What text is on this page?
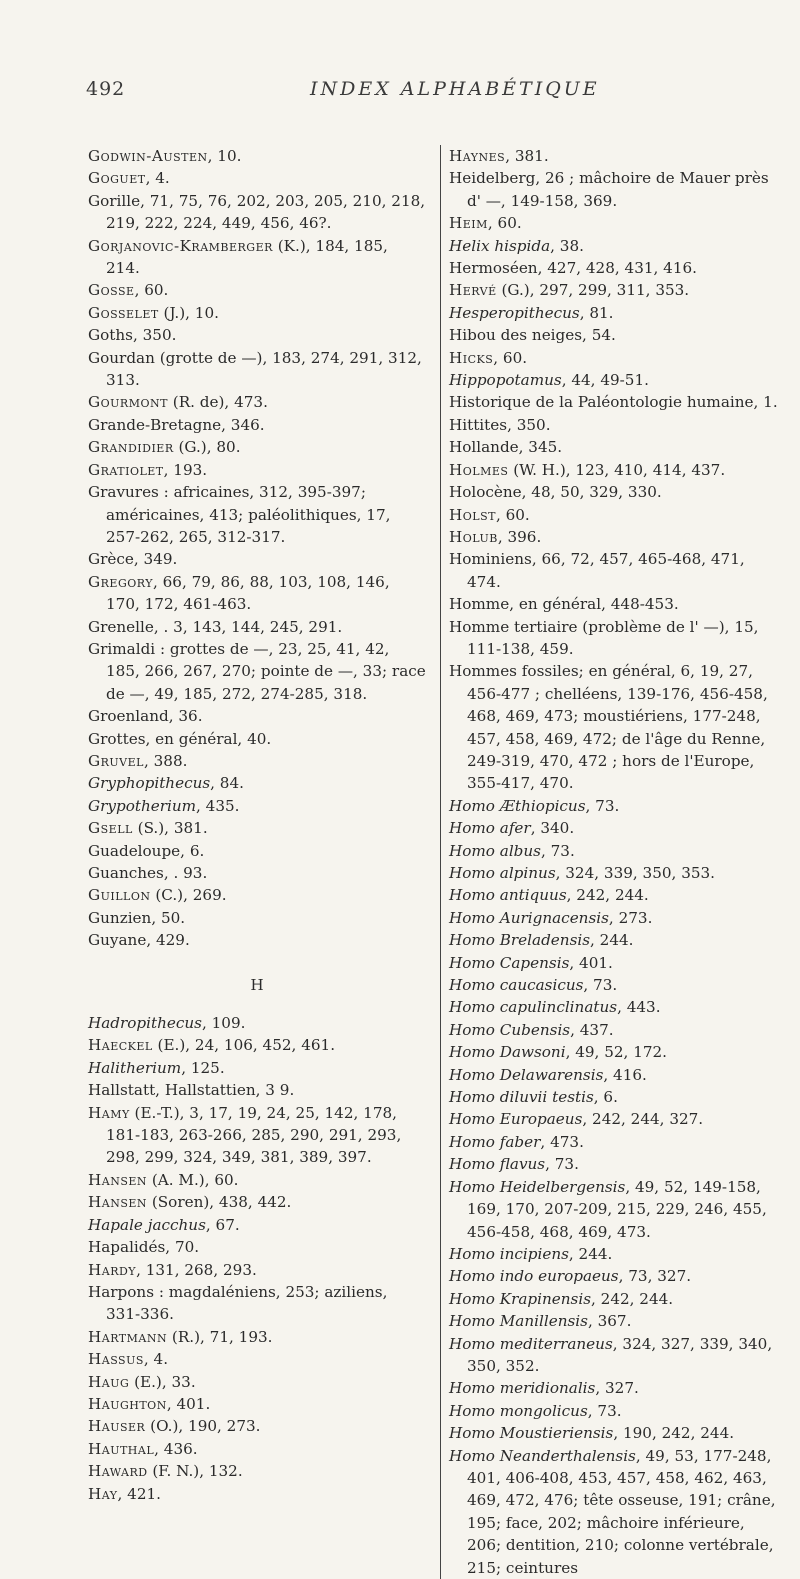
492	INDEX ALPHABÉTIQUE
Godwin-Austen, 10.
Goguet, 4.
Gorille, 71, 75, 76, 202, 203, 205, 210, 218, 219, 222, 224, 449, 456, 46?.
Gorjanovic-Kramberger (K.), 184, 185, 214.
Gosse, 60.
Gosselet (J.), 10.
Goths, 350.
Gourdan (grotte de —), 183, 274, 291, 312, 313.
Gourmont (R. de), 473.
Grande-Bretagne, 346.
Grandidier (G.), 80.
Gratiolet, 193.
Gravures : africaines, 312, 395-397; américaines, 413; paléolithiques, 17, 257-262, 265, 312-317.
Grèce, 349.
Gregory, 66, 79, 86, 88, 103, 108, 146, 170, 172, 461-463.
Grenelle, . 3, 143, 144, 245, 291.
Grimaldi : grottes de —, 23, 25, 41, 42, 185, 266, 267, 270; pointe de —, 33; race de —, 49, 185, 272, 274-285, 318.
Groenland, 36.
Grottes, en général, 40.
Gruvel, 388.
Gryphopithecus, 84.
Grypotherium, 435.
Gsell (S.), 381.
Guadeloupe, 6.
Guanches, . 93.
Guillon (C.), 269.
Gunzien, 50.
Guyane, 429.
H
Hadropithecus, 109.
Haeckel (E.), 24, 106, 452, 461.
Halitherium, 125.
Hallstatt, Hallstattien, 3 9.
Hamy (E.-T.), 3, 17, 19, 24, 25, 142, 178, 181-183, 263-266, 285, 290, 291, 293, 298, 299, 324, 349, 381, 389, 397.
Hansen (A. M.), 60.
Hansen (Soren), 438, 442.
Hapale jacchus, 67.
Hapalidés, 70.
Hardy, 131, 268, 293.
Harpons : magdaléniens, 253; aziliens, 331-336.
Hartmann (R.), 71, 193.
Hassus, 4.
Haug (E.), 33.
Haughton, 401.
Hauser (O.), 190, 273.
Hauthal, 436.
Haward (F. N.), 132.
Hay, 421.
Haynes, 381.
Heidelberg, 26 ; mâchoire de Mauer près d' —, 149-158, 369.
Heim, 60.
Helix hispida, 38.
Hermoséen, 427, 428, 431, 416.
Hervé (G.), 297, 299, 311, 353.
Hesperopithecus, 81.
Hibou des neiges, 54.
Hicks, 60.
Hippopotamus, 44, 49-51.
Historique de la Paléontologie humaine, 1.
Hittites, 350.
Hollande, 345.
Holmes (W. H.), 123, 410, 414, 437.
Holocène, 48, 50, 329, 330.
Holst, 60.
Holub, 396.
Hominiens, 66, 72, 457, 465-468, 471, 474.
Homme, en général, 448-453.
Homme tertiaire (problème de l' —), 15, 111-138, 459.
Hommes fossiles; en général, 6, 19, 27, 456-477 ; chelléens, 139-176, 456-458, 468, 469, 473; moustiériens, 177-248, 457, 458, 469, 472; de l'âge du Renne, 249-319, 470, 472 ; hors de l'Europe, 355-417, 470.
Homo Æthiopicus, 73.
Homo afer, 340.
Homo albus, 73.
Homo alpinus, 324, 339, 350, 353.
Homo antiquus, 242, 244.
Homo Aurignacensis, 273.
Homo Breladensis, 244.
Homo Capensis, 401.
Homo caucasicus, 73.
Homo capulinclinatus, 443.
Homo Cubensis, 437.
Homo Dawsoni, 49, 52, 172.
Homo Delawarensis, 416.
Homo diluvii testis, 6.
Homo Europaeus, 242, 244, 327.
Homo faber, 473.
Homo flavus, 73.
Homo Heidelbergensis, 49, 52, 149-158, 169, 170, 207-209, 215, 229, 246, 455, 456-458, 468, 469, 473.
Homo incipiens, 244.
Homo indo europaeus, 73, 327.
Homo Krapinensis, 242, 244.
Homo Manillensis, 367.
Homo mediterraneus, 324, 327, 339, 340, 350, 352.
Homo meridionalis, 327.
Homo mongolicus, 73.
Homo Moustieriensis, 190, 242, 244.
Homo Neanderthalensis, 49, 53, 177-248, 401, 406-408, 453, 457, 458, 462, 463, 469, 472, 476; tête osseuse, 191; crâne, 195; face, 202; mâchoire inférieure, 206; dentition, 210; colonne vertébrale, 215; ceintures
